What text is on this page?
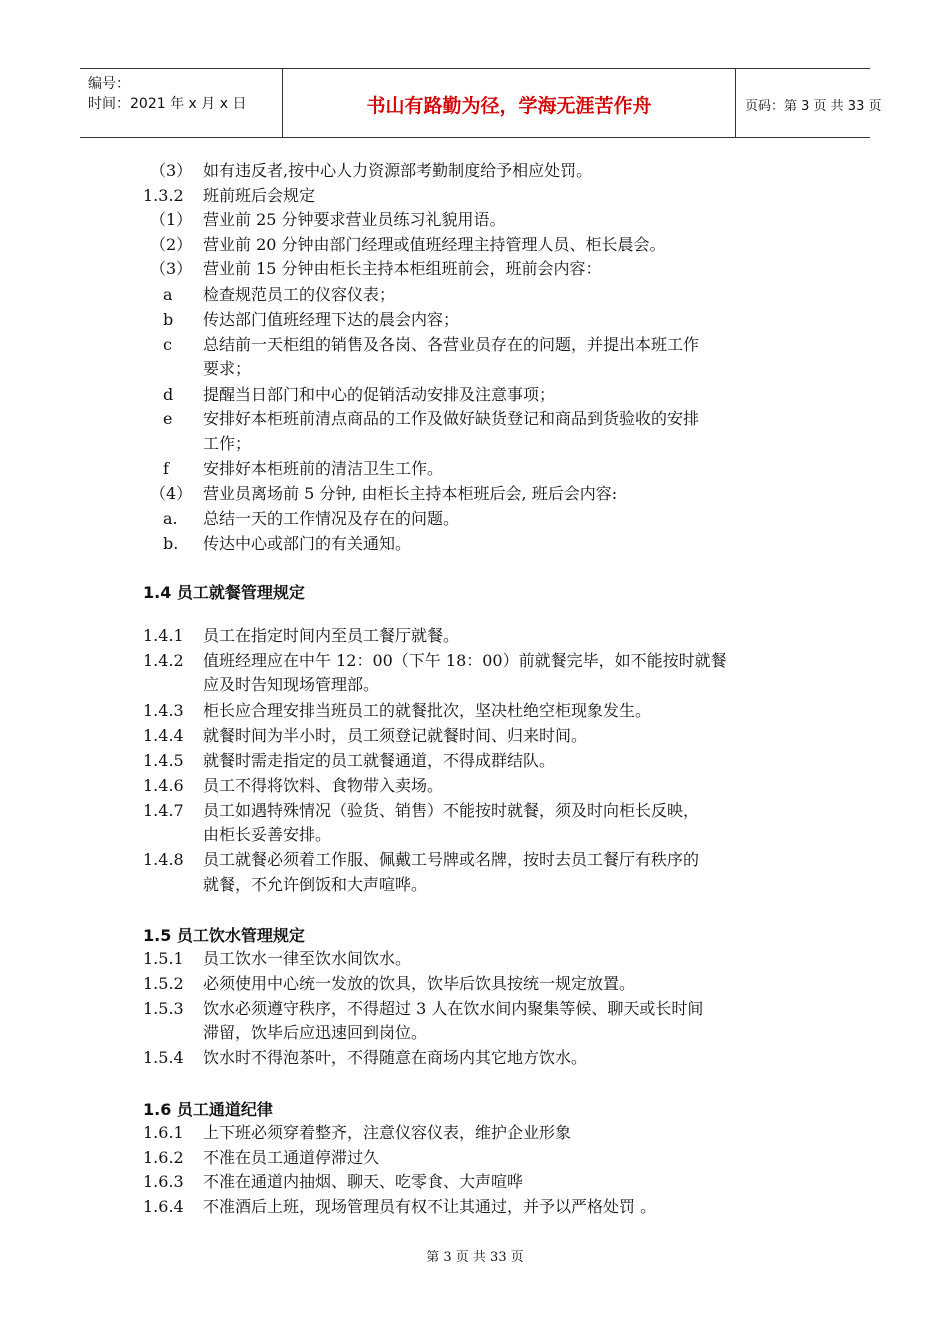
编号：
时间：2021 年 x 月 x 日	书山有路勤为径，学海无涯苦作舟	页码：第 3 页 共 33 页
（3） 如有违反者,按中心人力资源部考勤制度给予相应处罚。
1.3.2 班前班后会规定
（1） 营业前 25 分钟要求营业员练习礼貌用语。
（2） 营业前 20 分钟由部门经理或值班经理主持管理人员、柜长晨会。
（3） 营业前 15 分钟由柜长主持本柜组班前会，班前会内容：
a 检查规范员工的仪容仪表；
b 传达部门值班经理下达的晨会内容；
c 总结前一天柜组的销售及各岗、各营业员存在的问题，并提出本班工作
要求；
d 提醒当日部门和中心的促销活动安排及注意事项；
e 安排好本柜班前清点商品的工作及做好缺货登记和商品到货验收的安排
工作；
f 安排好本柜班前的清洁卫生工作。
（4） 营业员离场前 5 分钟, 由柜长主持本柜班后会, 班后会内容:
a. 总结一天的工作情况及存在的问题。
b. 传达中心或部门的有关通知。
1.4 员工就餐管理规定
1.4.1 员工在指定时间内至员工餐厅就餐。
1.4.2 值班经理应在中午 12：00（下午 18：00）前就餐完毕，如不能按时就餐
应及时告知现场管理部。
1.4.3 柜长应合理安排当班员工的就餐批次，坚决杜绝空柜现象发生。
1.4.4 就餐时间为半小时，员工须登记就餐时间、归来时间。
1.4.5 就餐时需走指定的员工就餐通道，不得成群结队。
1.4.6 员工不得将饮料、食物带入卖场。
1.4.7 员工如遇特殊情况（验货、销售）不能按时就餐，须及时向柜长反映，
由柜长妥善安排。
1.4.8 员工就餐必须着工作服、佩戴工号牌或名牌，按时去员工餐厅有秩序的
就餐，不允许倒饭和大声喧哗。
1.5 员工饮水管理规定
1.5.1 员工饮水一律至饮水间饮水。
1.5.2 必须使用中心统一发放的饮具，饮毕后饮具按统一规定放置。
1.5.3 饮水必须遵守秩序，不得超过 3 人在饮水间内聚集等候、聊天或长时间
滞留，饮毕后应迅速回到岗位。
1.5.4 饮水时不得泡茶叶，不得随意在商场内其它地方饮水。
1.6 员工通道纪律
1.6.1 上下班必须穿着整齐，注意仪容仪表，维护企业形象
1.6.2 不准在员工通道停滞过久
1.6.3 不准在通道内抽烟、聊天、吃零食、大声喧哗
1.6.4 不准酒后上班，现场管理员有权不让其通过，并予以严格处罚 。
第 3 页 共 33 页
